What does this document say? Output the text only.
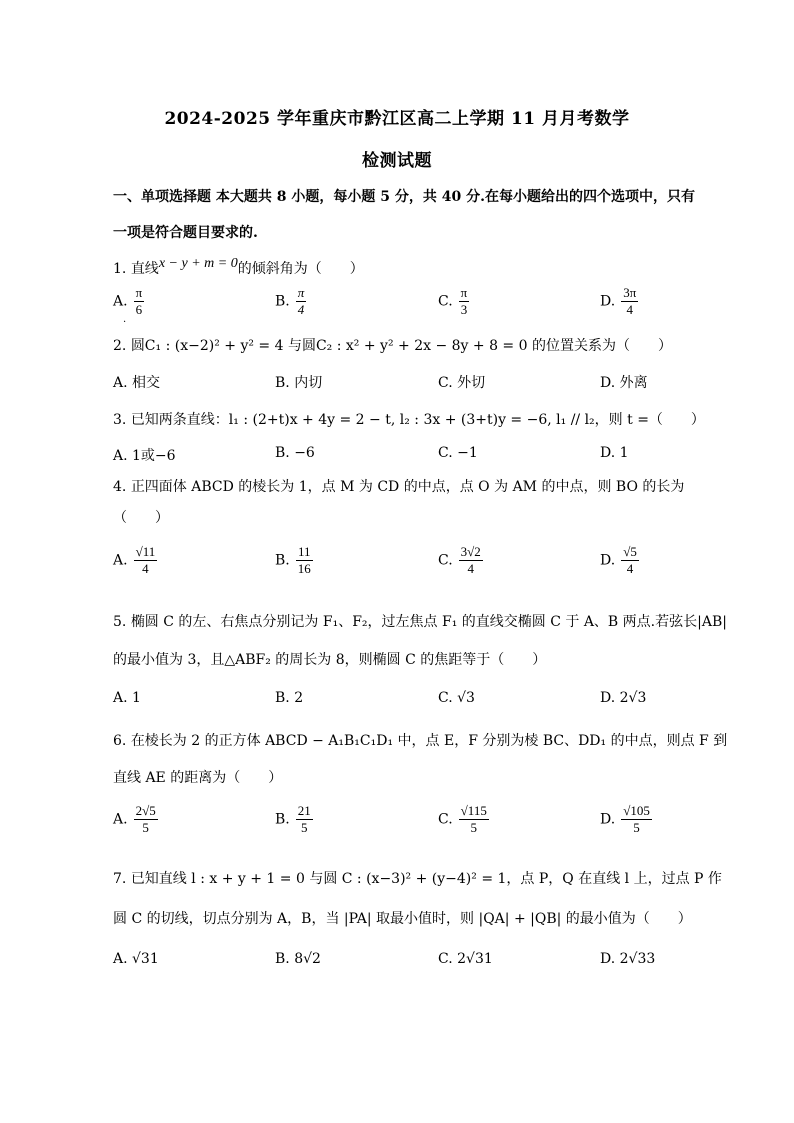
2024-2025 学年重庆市黔江区高二上学期 11 月月考数学
检测试题
一、单项选择题 本大题共 8 小题，每小题 5 分，共 40 分.在每小题给出的四个选项中，只有
一项是符合题目要求的.
1. 直线x − y + m = 0的倾斜角为（　　）
A. $\frac{\pi}{6}$
.
B. $\frac{\pi}{4}$	C. $\frac{\pi}{3}$	D. $\frac{3\pi}{4}$
2. 圆C₁ : (x−2)² + y² = 4 与圆C₂ : x² + y² + 2x − 8y + 8 = 0 的位置关系为（　　）
A. 相交	B. 内切	C. 外切	D. 外离
3. 已知两条直线：l₁ : (2+t)x + 4y = 2 − t, l₂ : 3x + (3+t)y = −6, l₁ // l₂，则 t =（　　）
A. 1或−6	B. −6	C. −1	D. 1
4. 正四面体 ABCD 的棱长为 1，点 M 为 CD 的中点，点 O 为 AM 的中点，则 BO 的长为
（　　）
A. $\frac{√11}{4}$	B. $\frac{11}{16}$	C. $\frac{3√2}{4}$	D. $\frac{√5}{4}$
5. 椭圆 C 的左、右焦点分别记为 F₁、F₂，过左焦点 F₁ 的直线交椭圆 C 于 A、B 两点.若弦长|AB|
的最小值为 3，且△ABF₂ 的周长为 8，则椭圆 C 的焦距等于（　　）
A. 1	B. 2	C. √3	D. 2√3
6. 在棱长为 2 的正方体 ABCD − A₁B₁C₁D₁ 中，点 E，F 分别为棱 BC、DD₁ 的中点，则点 F 到
直线 AE 的距离为（　　）
A. $\frac{2√5}{5}$	B. $\frac{21}{5}$	C. $\frac{√115}{5}$	D. $\frac{√105}{5}$
7. 已知直线 l : x + y + 1 = 0 与圆 C : (x−3)² + (y−4)² = 1，点 P，Q 在直线 l 上，过点 P 作
圆 C 的切线，切点分别为 A，B，当 |PA| 取最小值时，则 |QA| + |QB| 的最小值为（　　）
A. √31	B. 8√2	C. 2√31	D. 2√33
